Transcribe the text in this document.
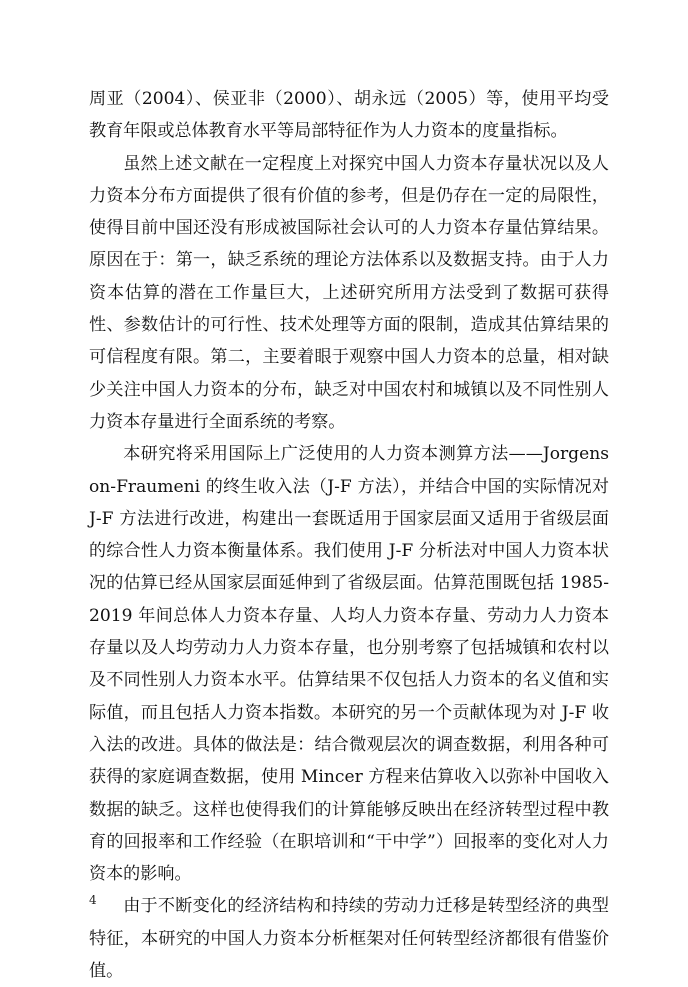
周亚（2004）、侯亚非（2000）、胡永远（2005）等，使用平均受教育年限或总体教育水平等局部特征作为人力资本的度量指标。

虽然上述文献在一定程度上对探究中国人力资本存量状况以及人力资本分布方面提供了很有价值的参考，但是仍存在一定的局限性，使得目前中国还没有形成被国际社会认可的人力资本存量估算结果。原因在于：第一，缺乏系统的理论方法体系以及数据支持。由于人力资本估算的潜在工作量巨大，上述研究所用方法受到了数据可获得性、参数估计的可行性、技术处理等方面的限制，造成其估算结果的可信程度有限。第二，主要着眼于观察中国人力资本的总量，相对缺少关注中国人力资本的分布，缺乏对中国农村和城镇以及不同性别人力资本存量进行全面系统的考察。

本研究将采用国际上广泛使用的人力资本测算方法——Jorgenson-Fraumeni 的终生收入法（J-F 方法），并结合中国的实际情况对 J-F 方法进行改进，构建出一套既适用于国家层面又适用于省级层面的综合性人力资本衡量体系。我们使用 J-F 分析法对中国人力资本状况的估算已经从国家层面延伸到了省级层面。估算范围既包括 1985-2019 年间总体人力资本存量、人均人力资本存量、劳动力人力资本存量以及人均劳动力人力资本存量，也分别考察了包括城镇和农村以及不同性别人力资本水平。估算结果不仅包括人力资本的名义值和实际值，而且包括人力资本指数。本研究的另一个贡献体现为对 J-F 收入法的改进。具体的做法是：结合微观层次的调查数据，利用各种可获得的家庭调查数据，使用 Mincer 方程来估算收入以弥补中国收入数据的缺乏。这样也使得我们的计算能够反映出在经济转型过程中教育的回报率和工作经验（在职培训和“干中学”）回报率的变化对人力资本的影响。

由于不断变化的经济结构和持续的劳动力迁移是转型经济的典型特征，本研究的中国人力资本分析框架对任何转型经济都很有借鉴价值。

4
